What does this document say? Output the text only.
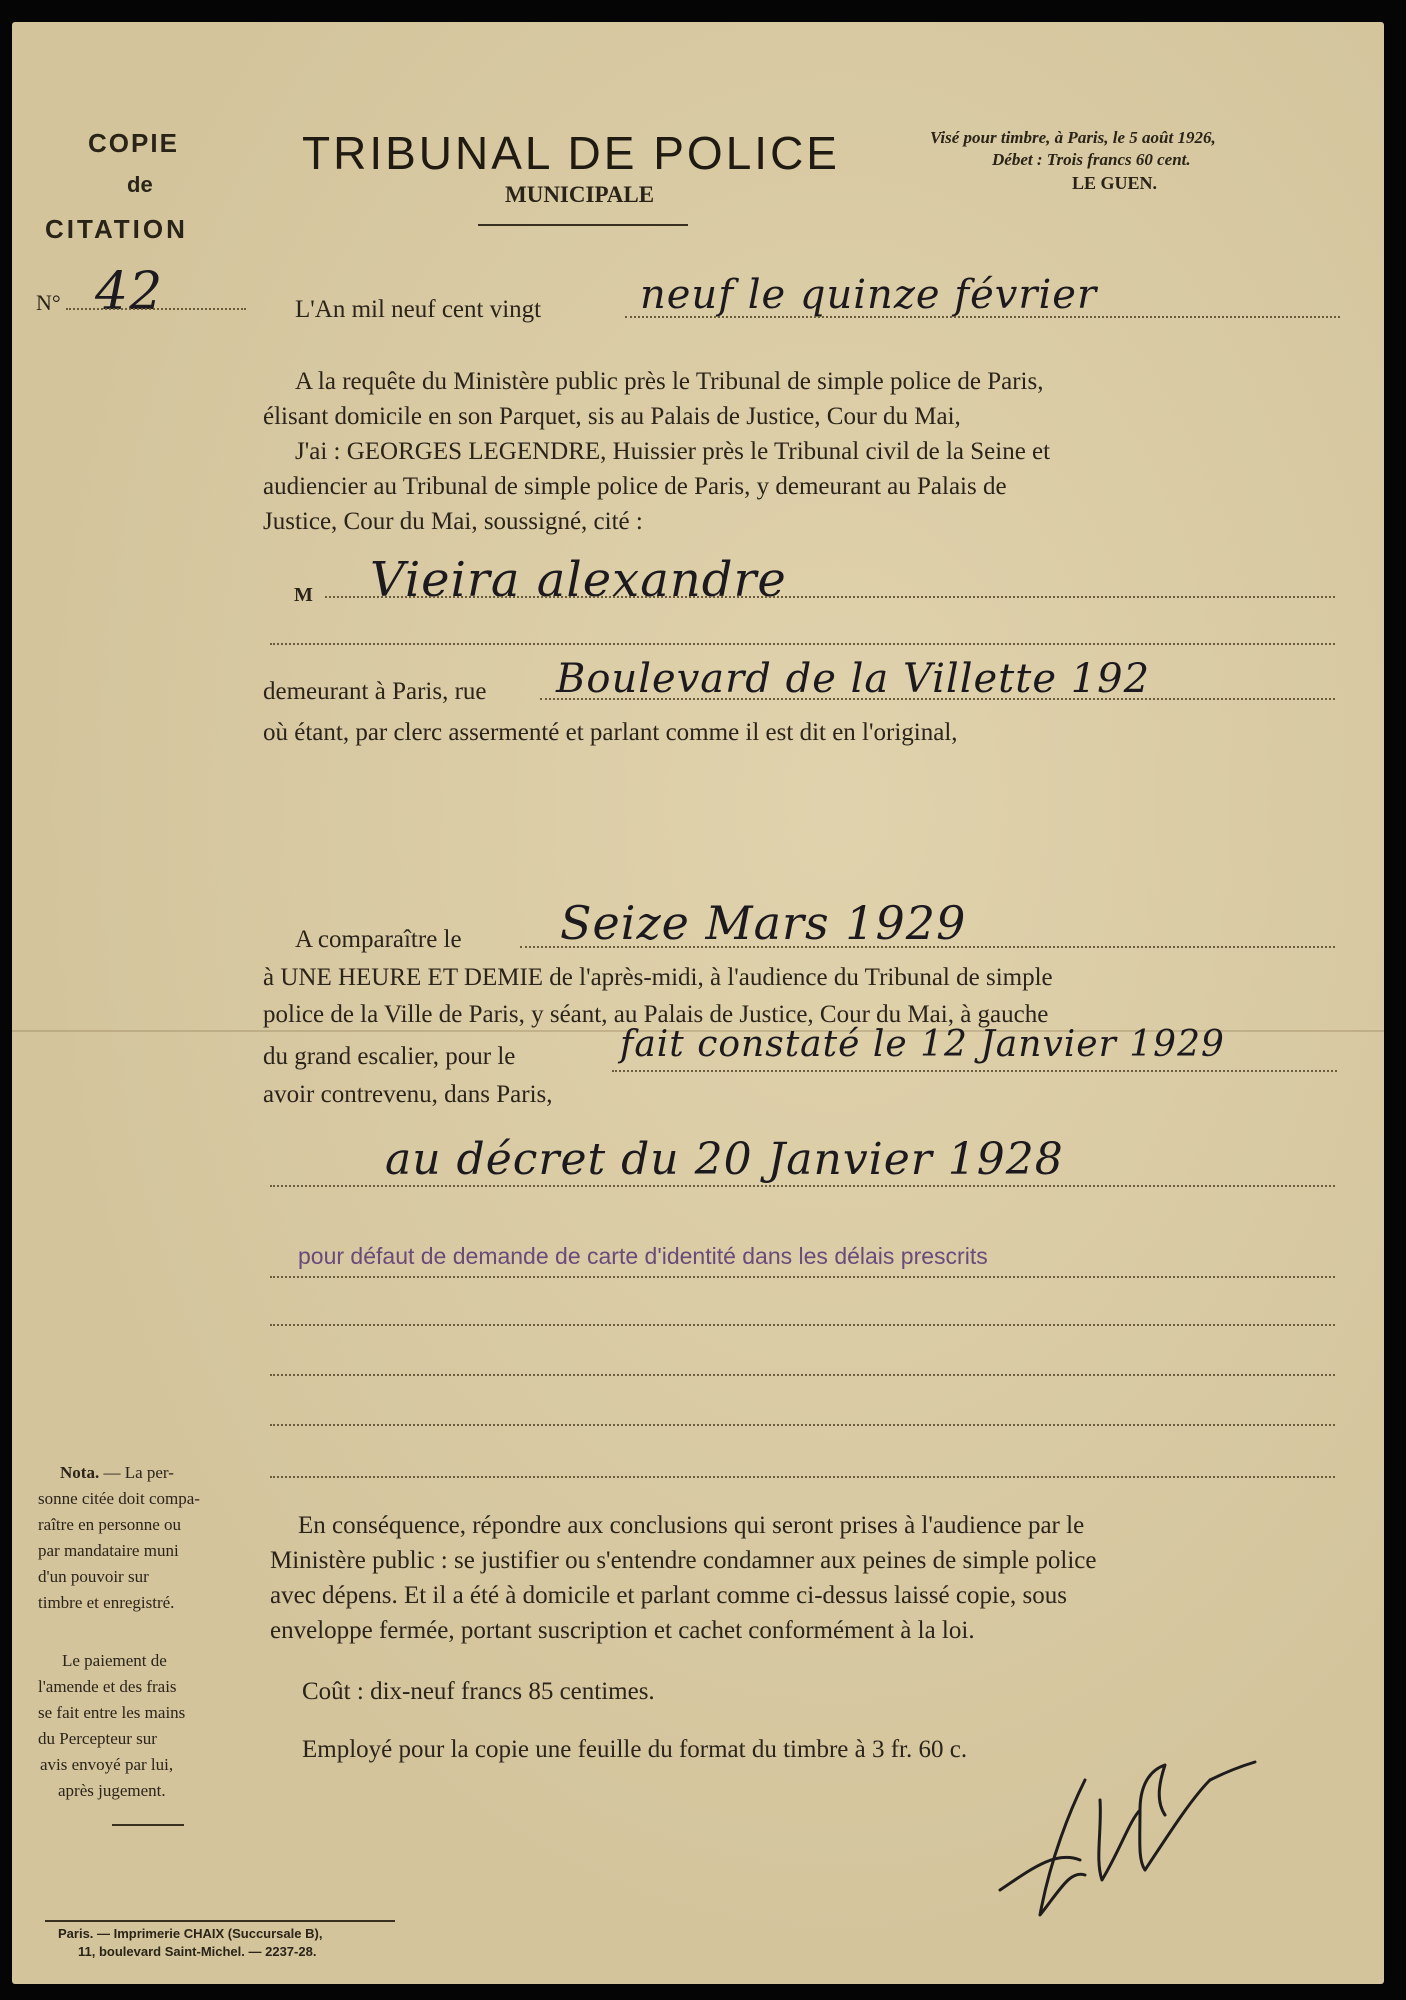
COPIE
de
CITATION
N° 42
TRIBUNAL DE POLICE
MUNICIPALE
Visé pour timbre, à Paris, le 5 août 1926,
Débet : Trois francs 60 cent.
LE GUEN.
L'An mil neuf cent vingt neuf le quinze février
A la requête du Ministère public près le Tribunal de simple police de Paris,
élisant domicile en son Parquet, sis au Palais de Justice, Cour du Mai,
J'ai : GEORGES LEGENDRE, Huissier près le Tribunal civil de la Seine et
audiencier au Tribunal de simple police de Paris, y demeurant au Palais de
Justice, Cour du Mai, soussigné, cité :
M Vieira alexandre
demeurant à Paris, rue Boulevard de la Villette 192
où étant, par clerc assermenté et parlant comme il est dit en l'original,
A comparaître le Seize Mars 1929
à UNE HEURE ET DEMIE de l'après-midi, à l'audience du Tribunal de simple
police de la Ville de Paris, y séant, au Palais de Justice, Cour du Mai, à gauche
du grand escalier, pour le	fait constaté le 12 Janvier 1929
avoir contrevenu, dans Paris,
au décret du 20 Janvier 1928
pour défaut de demande de carte d'identité dans les délais prescrits
Nota. — La per-
sonne citée doit compa-
raître en personne ou
par mandataire muni
d'un pouvoir sur
timbre et enregistré.
Le paiement de
l'amende et des frais
se fait entre les mains
du Percepteur sur
avis envoyé par lui,
après jugement.
En conséquence, répondre aux conclusions qui seront prises à l'audience par le
Ministère public : se justifier ou s'entendre condamner aux peines de simple police
avec dépens. Et il a été à domicile et parlant comme ci-dessus laissé copie, sous
enveloppe fermée, portant suscription et cachet conformément à la loi.
Coût : dix-neuf francs 85 centimes.
Employé pour la copie une feuille du format du timbre à 3 fr. 60 c.
Paris. — Imprimerie CHAIX (Succursale B),
11, boulevard Saint-Michel. — 2237-28.
